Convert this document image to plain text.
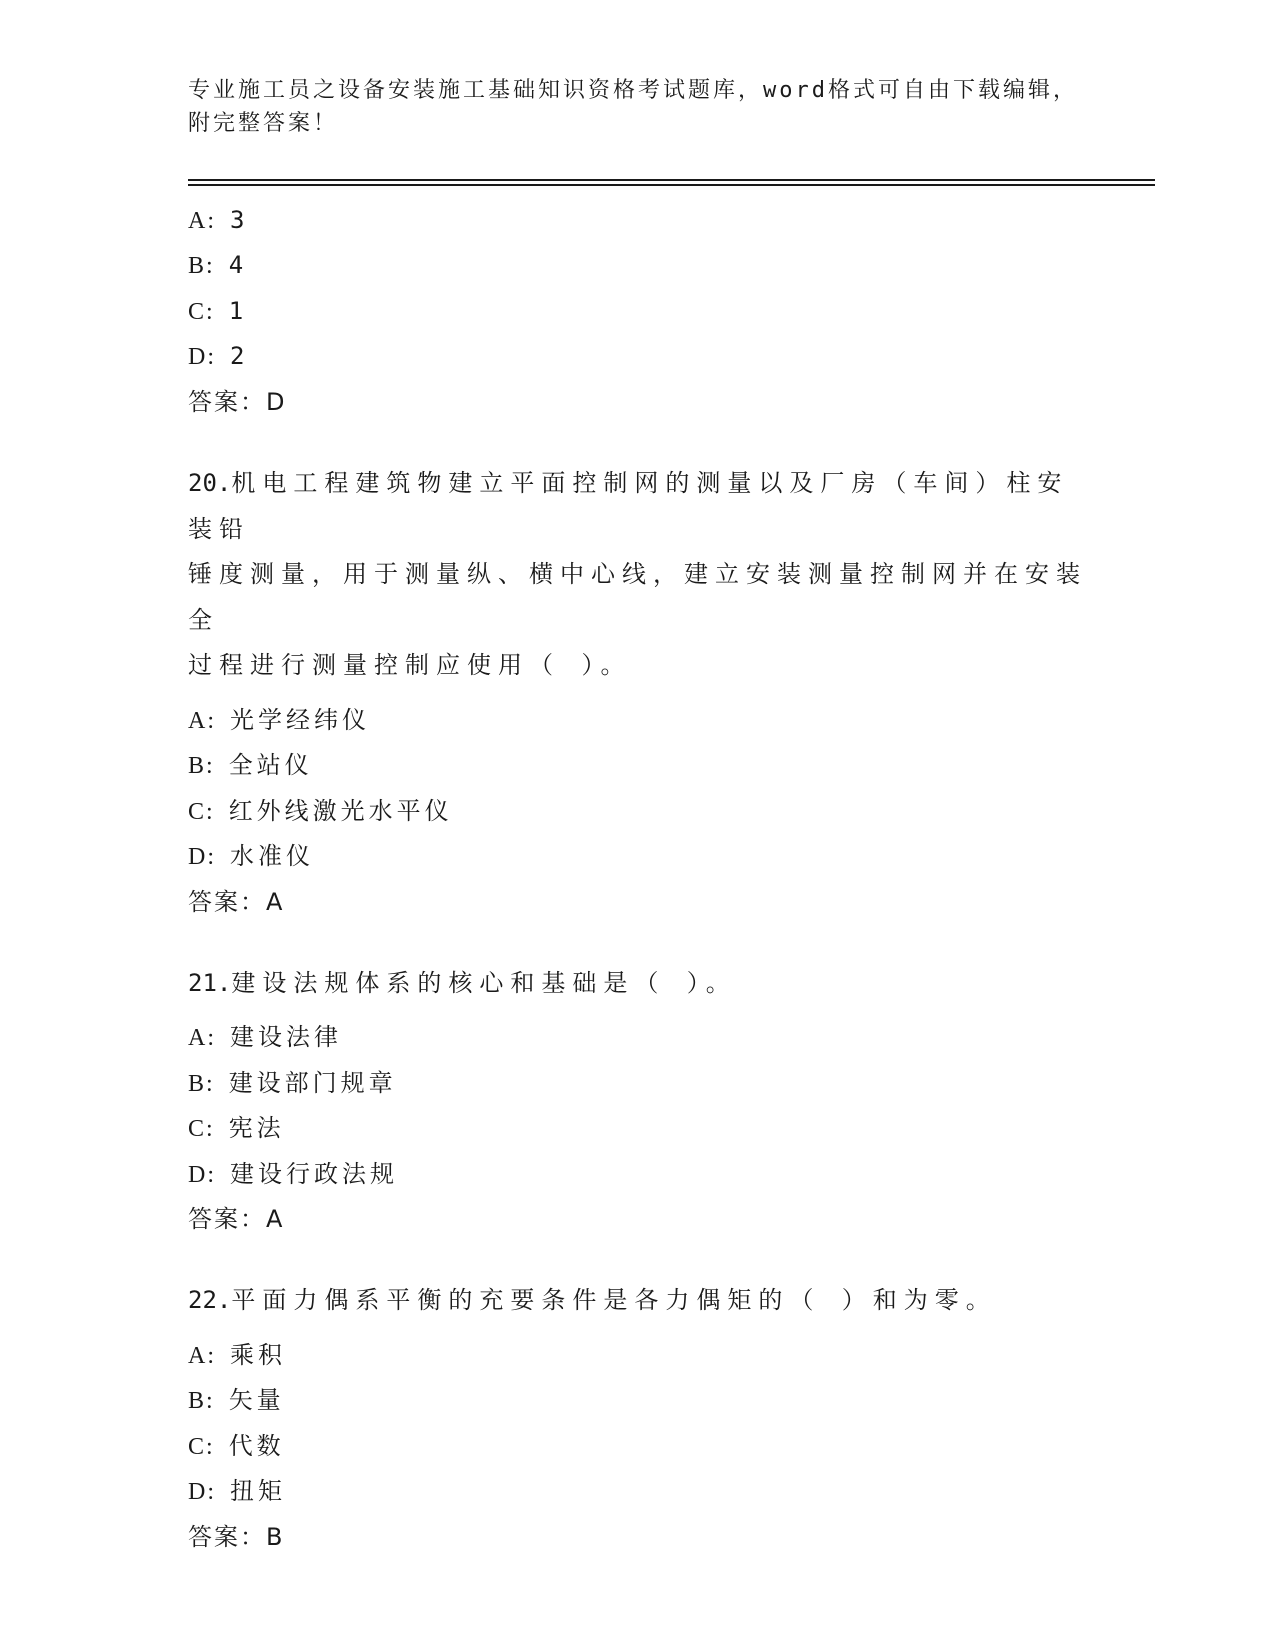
专业施工员之设备安装施工基础知识资格考试题库，word格式可自由下载编辑，
附完整答案！
A: 3
B: 4
C: 1
D: 2
答案：D
20.机电工程建筑物建立平面控制网的测量以及厂房（车间）柱安装铅
锤度测量，用于测量纵、横中心线，建立安装测量控制网并在安装全
过程进行测量控制应使用（ ）。
A: 光学经纬仪
B: 全站仪
C: 红外线激光水平仪
D: 水准仪
答案：A
21.建设法规体系的核心和基础是（ ）。
A: 建设法律
B: 建设部门规章
C: 宪法
D: 建设行政法规
答案：A
22.平面力偶系平衡的充要条件是各力偶矩的（ ）和为零。
A: 乘积
B: 矢量
C: 代数
D: 扭矩
答案：B
